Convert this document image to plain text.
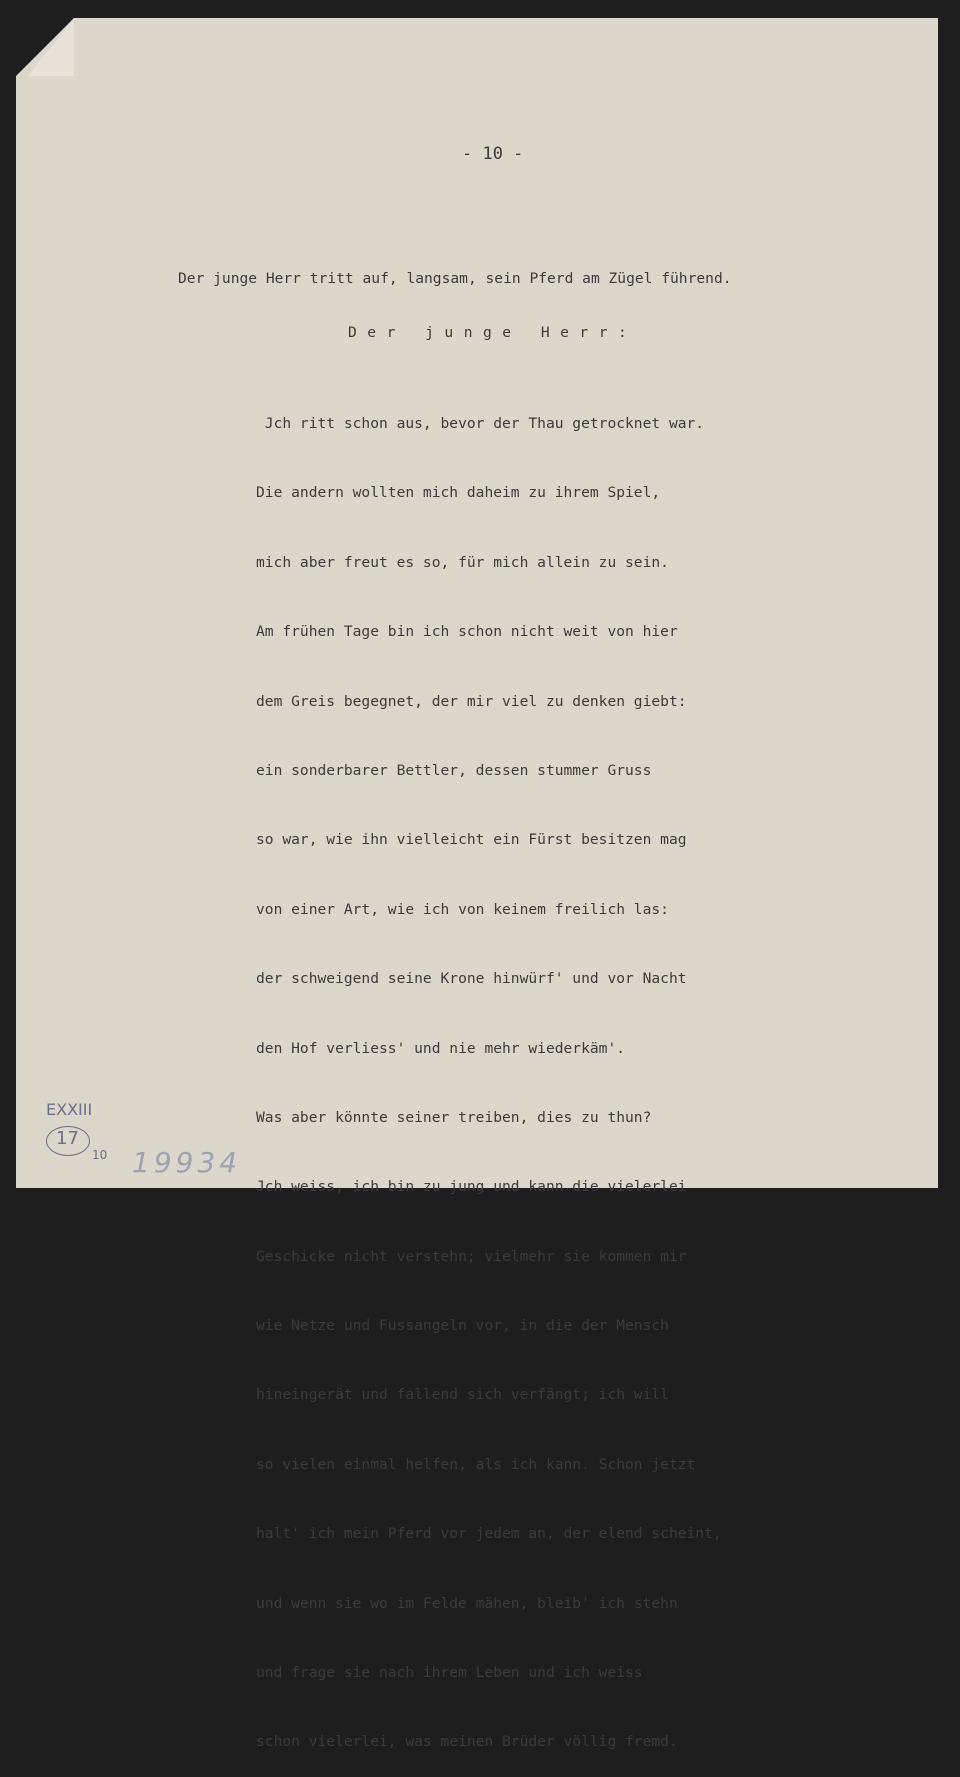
- 10 -
Der junge Herr tritt auf, langsam, sein Pferd am Zügel führend.
Der junge Herr:

Jch ritt schon aus, bevor der Thau getrocknet war.

Die andern wollten mich daheim zu ihrem Spiel,

mich aber freut es so, für mich allein zu sein.

Am frühen Tage bin ich schon nicht weit von hier

dem Greis begegnet, der mir viel zu denken giebt:

ein sonderbarer Bettler, dessen stummer Gruss

so war, wie ihn vielleicht ein Fürst besitzen mag

von einer Art, wie ich von keinem freilich las:

der schweigend seine Krone hinwürf' und vor Nacht

den Hof verliess' und nie mehr wiederkäm'.

Was aber könnte seiner treiben, dies zu thun?

Jch weiss, ich bin zu jung und kann die vielerlei

Geschicke nicht verstehn; vielmehr sie kommen mir

wie Netze und Fussangeln vor, in die der Mensch

hineingerät und fallend sich verfängt; ich will

so vielen einmal helfen, als ich kann. Schon jetzt

halt' ich mein Pferd vor jedem an, der elend scheint,

und wenn sie wo im Felde mähen, bleib' ich stehn

und frage sie nach ihrem Leben und ich weiss

schon vielerlei, was meinen Brüder völlig fremd.

EXXIII
17
10 19934
